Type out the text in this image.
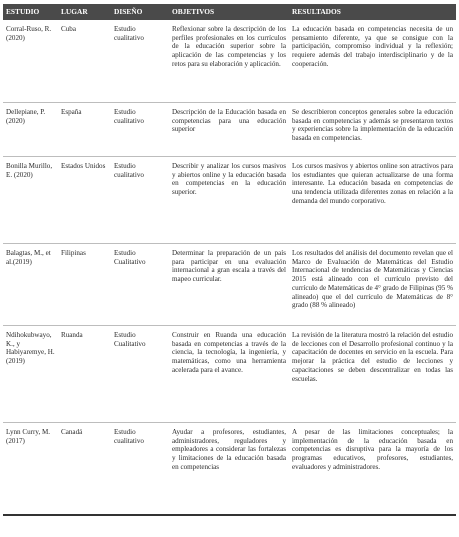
ESTUDIO	LUGAR	DISEÑO	OBJETIVOS	RESULTADOS
Corral-Ruso, R. (2020)	Cuba	Estudio cualitativo	Reflexionar sobre la descripción de los perfiles profesionales en los currículos de la educación superior sobre la aplicación de las competencias y los retos para su elaboración y aplicación.	La educación basada en competencias necesita de un pensamiento diferente, ya que se consigue con la participación, compromiso individual y la reflexión; requiere además del trabajo interdisciplinario y de la cooperación.
Dellepiane, P. (2020)	España	Estudio cualitativo	Descripción de la Educación basada en competencias para una educación superior	Se describieron conceptos generales sobre la educación basada en competencias y además se presentaron textos y experiencias sobre la implementación de la educación basada en competencias.
Bonilla Murillo, E. (2020)	Estados Unidos	Estudio cualitativo	Describir y analizar los cursos masivos y abiertos online y la educación basada en competencias en la educación superior.	Los cursos masivos y abiertos online son atractivos para los estudiantes que quieran actualizarse de una forma interesante. La educación basada en competencias de una tendencia utilizada diferentes zonas en relación a la demanda del mundo corporativo.
Balagtas, M., et al.(2019)	Filipinas	Estudio Cualitativo	Determinar la preparación de un país para participar en una evaluación internacional a gran escala a través del mapeo curricular.	Los resultados del análisis del documento revelan que el Marco de Evaluación de Matemáticas del Estudio Internacional de tendencias de Matemáticas y Ciencias 2015 está alineado con el currículo previsto del currículo de Matemáticas de 4° grado de Filipinas (95 % alineado) que el del currículo de Matemáticas de 8° grado (88 % alineado)
Ndihokubwayo, K., y Habiyaremye, H. (2019)	Ruanda	Estudio Cualitativo	Construir en Ruanda una educación basada en competencias a través de la ciencia, la tecnología, la ingeniería, y matemáticas, como una herramienta acelerada para el avance.	La revisión de la literatura mostró la relación del estudio de lecciones con el Desarrollo profesional continuo y la capacitación de docentes en servicio en la escuela. Para mejorar la práctica del estudio de lecciones y capacitaciones se deben descentralizar en todas las escuelas.
Lynn Curry, M. (2017)	Canadá	Estudio cualitativo	Ayudar a profesores, estudiantes, administradores, reguladores y empleadores a considerar las fortalezas y limitaciones de la educación basada en competencias	A pesar de las limitaciones conceptuales; la implementación de la educación basada en competencias es disruptiva para la mayoría de los programas educativos, profesores, estudiantes, evaluadores y administradores.
